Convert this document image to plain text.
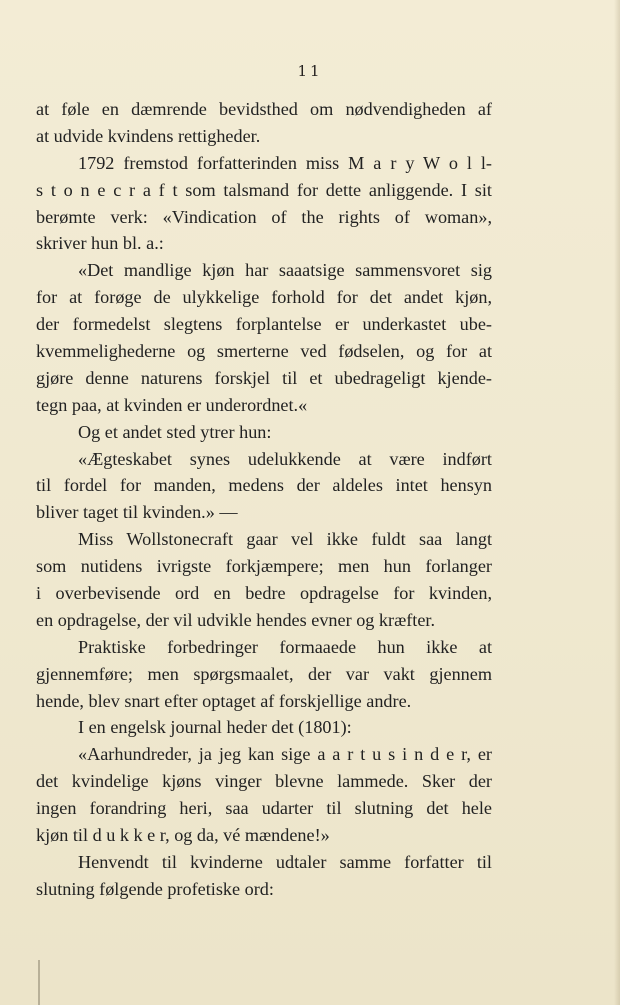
11
at føle en dæmrende bevidsthed om nødvendigheden af
at udvide kvindens rettigheder.
1792 fremstod forfatterinden miss M a r y W o l l-
s t o n e c r a f t som talsmand for dette anliggende. I sit
berømte verk: «Vindication of the rights of woman»,
skriver hun bl. a.:
«Det mandlige kjøn har saaatsige sammensvoret sig
for at forøge de ulykkelige forhold for det andet kjøn,
der formedelst slegtens forplantelse er underkastet ube-
kvemmelighederne og smerterne ved fødselen, og for at
gjøre denne naturens forskjel til et ubedrageligt kjende-
tegn paa, at kvinden er underordnet.«
Og et andet sted ytrer hun:
«Ægteskabet synes udelukkende at være indført
til fordel for manden, medens der aldeles intet hensyn
bliver taget til kvinden.» —
Miss Wollstonecraft gaar vel ikke fuldt saa langt
som nutidens ivrigste forkjæmpere; men hun forlanger
i overbevisende ord en bedre opdragelse for kvinden,
en opdragelse, der vil udvikle hendes evner og kræfter.
Praktiske forbedringer formaaede hun ikke at
gjennemføre; men spørgsmaalet, der var vakt gjennem
hende, blev snart efter optaget af forskjellige andre.
I en engelsk journal heder det (1801):
«Aarhundreder, ja jeg kan sige a a r t u s i n d e r, er
det kvindelige kjøns vinger blevne lammede. Sker der
ingen forandring heri, saa udarter til slutning det hele
kjøn til d u k k e r, og da, vé mændene!»
Henvendt til kvinderne udtaler samme forfatter til
slutning følgende profetiske ord:
